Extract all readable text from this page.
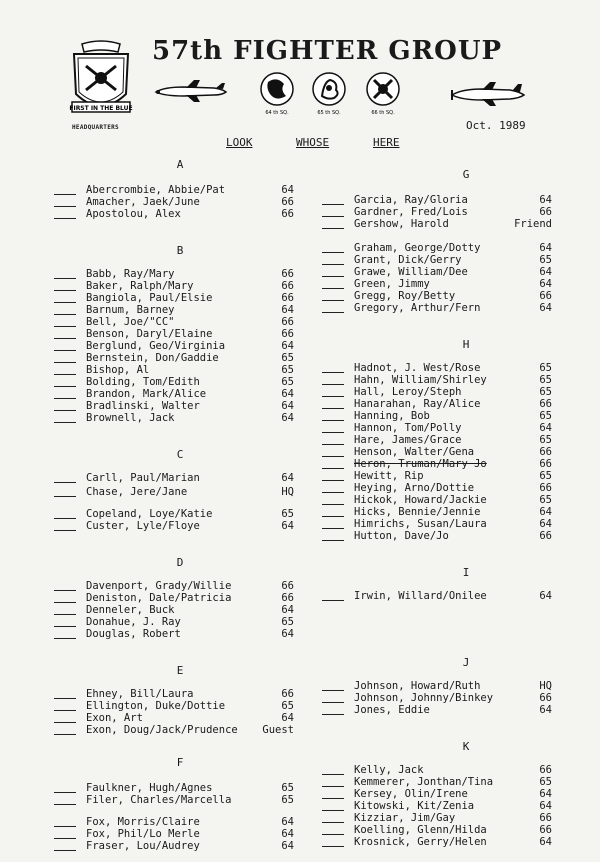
FIRST IN THE BLUE
HEADQUARTERS
57th FIGHTER GROUP
64 th SQ.	65 th SQ.	66 th SQ.
Oct. 1989
LOOK	WHOSE	HERE
A
Abercrombie, Abbie/Pat	64
Amacher, Jaek/June	66
Apostolou, Alex	66
B
Babb, Ray/Mary	66
Baker, Ralph/Mary	66
Bangiola, Paul/Elsie	66
Barnum, Barney	64
Bell, Joe/"CC"	66
Benson, Daryl/Elaine	66
Berglund, Geo/Virginia	64
Bernstein, Don/Gaddie	65
Bishop, Al	65
Bolding, Tom/Edith	65
Brandon, Mark/Alice	64
Bradlinski, Walter	64
Brownell, Jack	64
C
Carll, Paul/Marian	64
Chase, Jere/Jane	HQ
Copeland, Loye/Katie	65
Custer, Lyle/Floye	64
D
Davenport, Grady/Willie	66
Deniston, Dale/Patricia	66
Denneler, Buck	64
Donahue, J. Ray	65
Douglas, Robert	64
E
Ehney, Bill/Laura	66
Ellington, Duke/Dottie	65
Exon, Art	64
Exon, Doug/Jack/Prudence	Guest
F
Faulkner, Hugh/Agnes	65
Filer, Charles/Marcella	65
Fox, Morris/Claire	64
Fox, Phil/Lo Merle	64
Fraser, Lou/Audrey	64
G
Garcia, Ray/Gloria	64
Gardner, Fred/Lois	66
Gershow, Harold	Friend
Graham, George/Dotty	64
Grant, Dick/Gerry	65
Grawe, William/Dee	64
Green, Jimmy	64
Gregg, Roy/Betty	66
Gregory, Arthur/Fern	64
H
Hadnot, J. West/Rose	65
Hahn, William/Shirley	65
Hall, Leroy/Steph	65
Hanarahan, Ray/Alice	66
Hanning, Bob	65
Hannon, Tom/Polly	64
Hare, James/Grace	65
Henson, Walter/Gena	66
Heron, Truman/Mary Jo	66
Hewitt, Rip	65
Heying, Arno/Dottie	66
Hickok, Howard/Jackie	65
Hicks, Bennie/Jennie	64
Himrichs, Susan/Laura	64
Hutton, Dave/Jo	66
I
Irwin, Willard/Onilee	64
J
Johnson, Howard/Ruth	HQ
Johnson, Johnny/Binkey	66
Jones, Eddie	64
K
Kelly, Jack	66
Kemmerer, Jonthan/Tina	65
Kersey, Olin/Irene	64
Kitowski, Kit/Zenia	64
Kizziar, Jim/Gay	66
Koelling, Glenn/Hilda	66
Krosnick, Gerry/Helen	64
